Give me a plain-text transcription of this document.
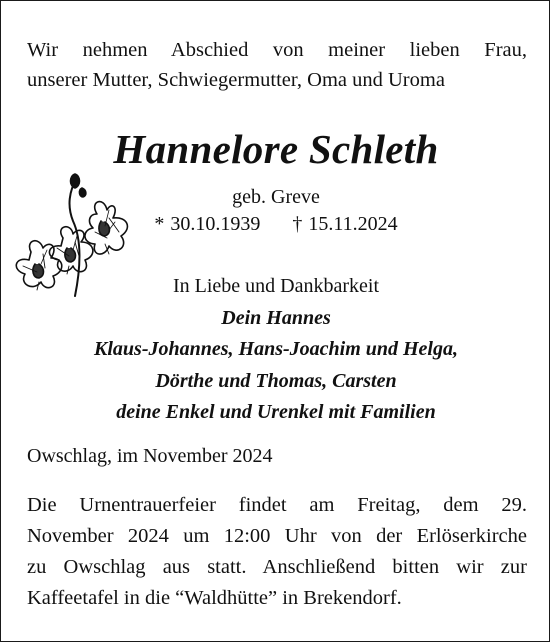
Wir nehmen Abschied von meiner lieben Frau,
unserer Mutter, Schwiegermutter, Oma und Uroma
Hannelore Schleth
geb. Greve
* 30.10.1939 † 15.11.2024
In Liebe und Dankbarkeit
Dein Hannes
Klaus-Johannes, Hans-Joachim und Helga,
Dörthe und Thomas, Carsten
deine Enkel und Urenkel mit Familien
Owschlag, im November 2024
Die Urnentrauerfeier findet am Freitag, dem 29.
November 2024 um 12:00 Uhr von der Erlöserkirche
zu Owschlag aus statt. Anschließend bitten wir zur
Kaffeetafel in die “Waldhütte” in Brekendorf.
